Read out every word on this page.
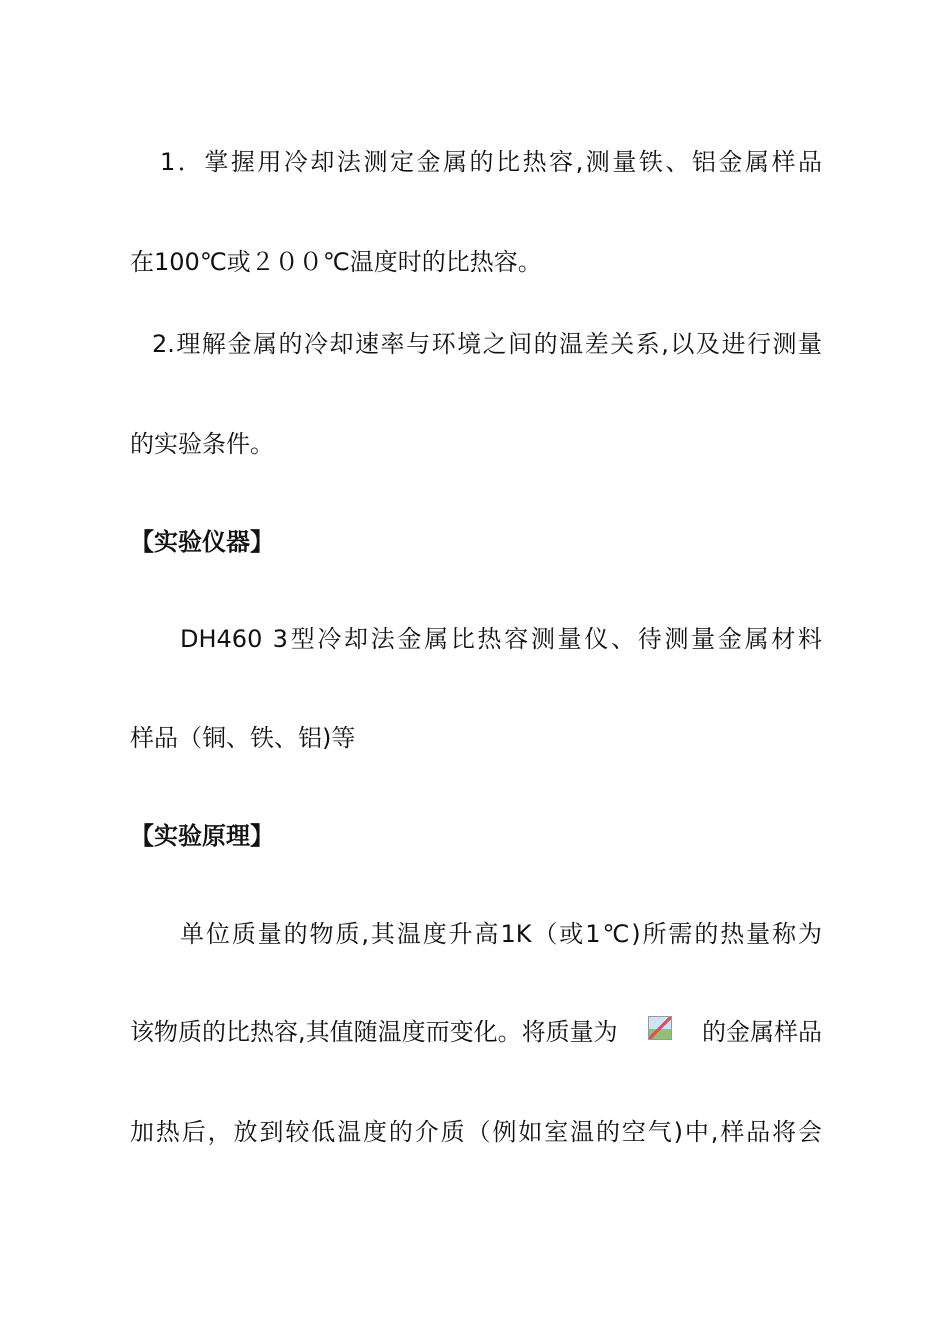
1．掌握用冷却法测定金属的比热容,测量铁、铝金属样品
在100℃或２００℃温度时的比热容。
2.理解金属的冷却速率与环境之间的温差关系,以及进行测量
的实验条件。
【实验仪器】
DH460 3型冷却法金属比热容测量仪、待测量金属材料
样品（铜、铁、铝)等
【实验原理】
单位质量的物质,其温度升高1K（或1℃)所需的热量称为
该物质的比热容,其值随温度而变化。将质量为	的金属样品
加热后，放到较低温度的介质（例如室温的空气)中,样品将会
